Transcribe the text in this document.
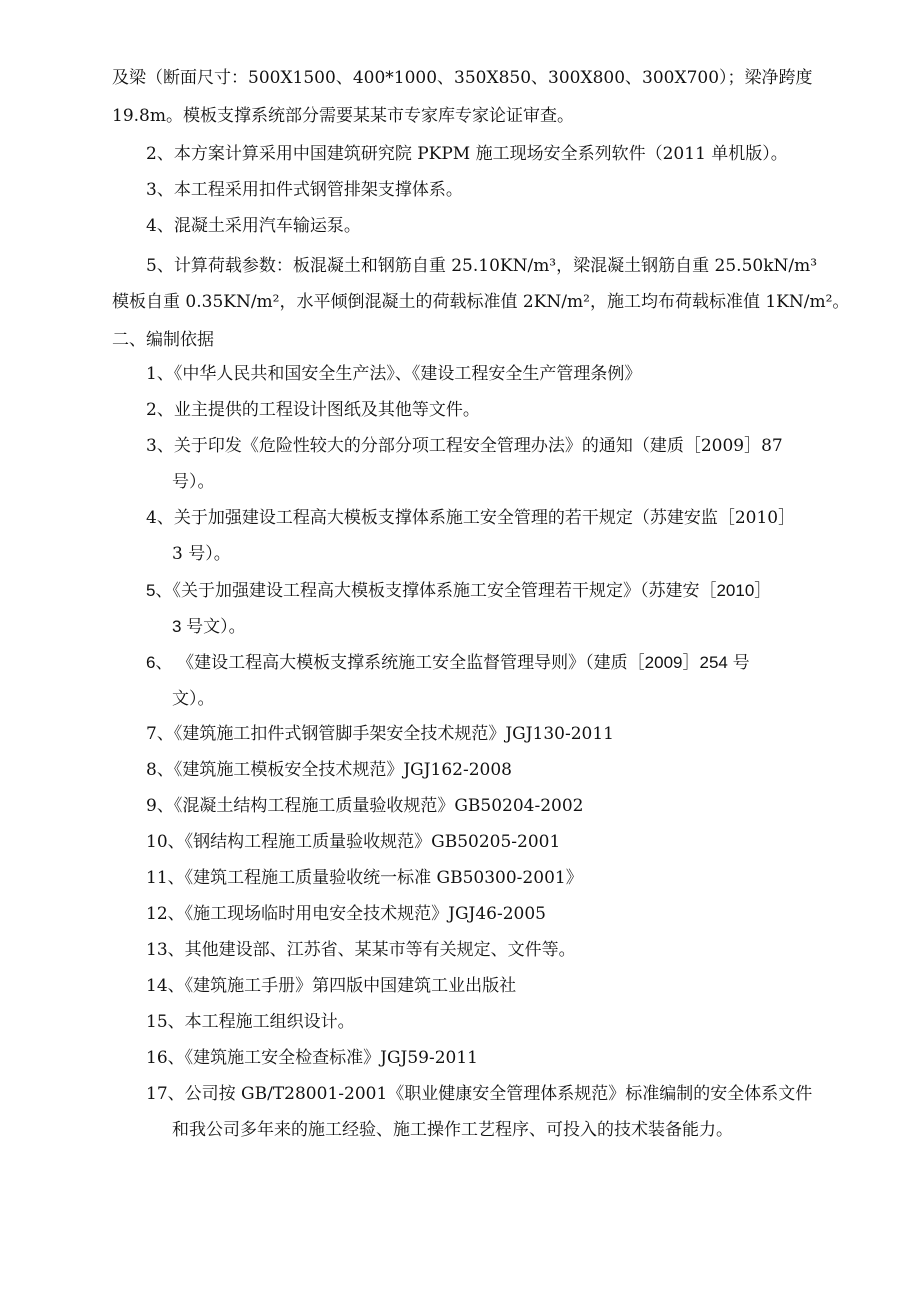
及梁（断面尺寸：500X1500、400*1000、350X850、300X800、300X700）；梁净跨度
19.8m。模板支撑系统部分需要某某市专家库专家论证审查。
2、本方案计算采用中国建筑研究院 PKPM 施工现场安全系列软件（2011 单机版）。
3、本工程采用扣件式钢管排架支撑体系。
4、混凝土采用汽车输运泵。
5、计算荷载参数：板混凝土和钢筋自重 25.10KN/m³，梁混凝土钢筋自重 25.50kN/m³
模板自重 0.35KN/m²，水平倾倒混凝土的荷载标准值 2KN/m²，施工均布荷载标准值 1KN/m²。
二、编制依据
1、《中华人民共和国安全生产法》、《建设工程安全生产管理条例》
2、业主提供的工程设计图纸及其他等文件。
3、关于印发《危险性较大的分部分项工程安全管理办法》的通知（建质［2009］87
号）。
4、关于加强建设工程高大模板支撑体系施工安全管理的若干规定（苏建安监［2010］
3 号）。
5、《关于加强建设工程高大模板支撑体系施工安全管理若干规定》（苏建安［2010］
3 号文）。
6、 《建设工程高大模板支撑系统施工安全监督管理导则》（建质［2009］254 号
文）。
7、《建筑施工扣件式钢管脚手架安全技术规范》JGJ130-2011
8、《建筑施工模板安全技术规范》JGJ162-2008
9、《混凝土结构工程施工质量验收规范》GB50204-2002
10、《钢结构工程施工质量验收规范》GB50205-2001
11、《建筑工程施工质量验收统一标准 GB50300-2001》
12、《施工现场临时用电安全技术规范》JGJ46-2005
13、其他建设部、江苏省、某某市等有关规定、文件等。
14、《建筑施工手册》第四版中国建筑工业出版社
15、本工程施工组织设计。
16、《建筑施工安全检查标准》JGJ59-2011
17、公司按 GB/T28001-2001《职业健康安全管理体系规范》标准编制的安全体系文件
和我公司多年来的施工经验、施工操作工艺程序、可投入的技术装备能力。
